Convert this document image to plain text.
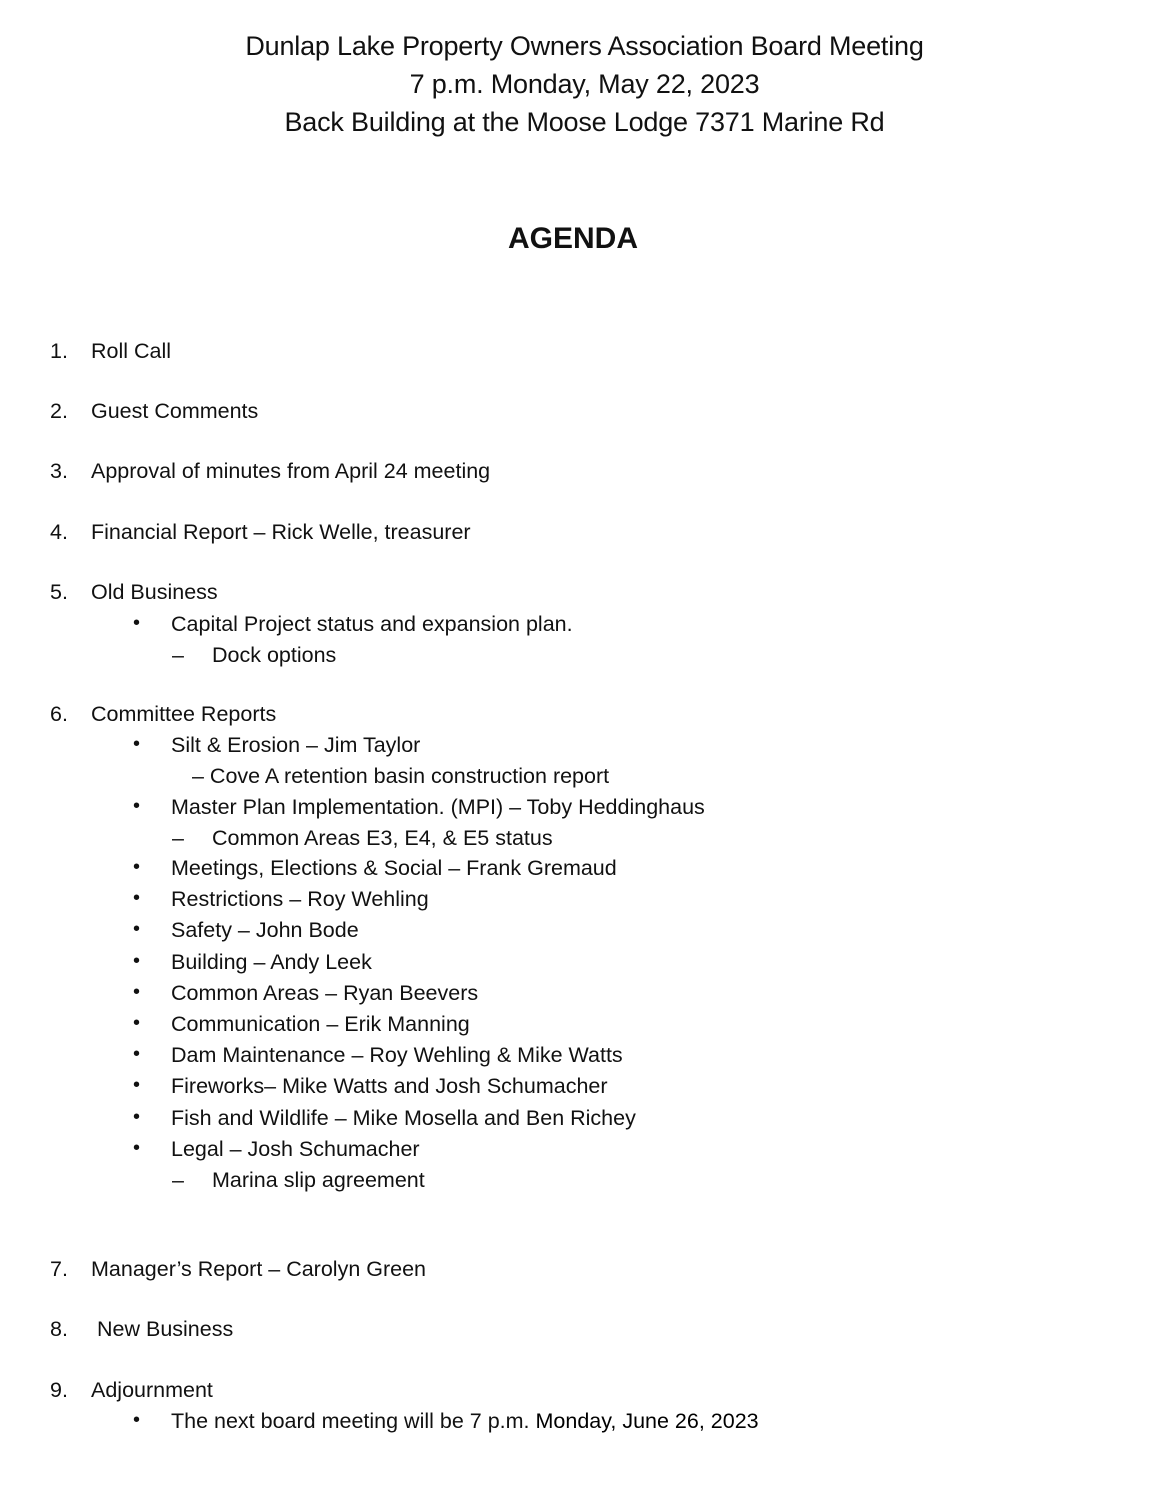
Dunlap Lake Property Owners Association Board Meeting
7 p.m. Monday, May 22, 2023
Back Building at the Moose Lodge 7371 Marine Rd
AGENDA
1. Roll Call
2. Guest Comments
3. Approval of minutes from April 24 meeting
4. Financial Report – Rick Welle, treasurer
5. Old Business
• Capital Project status and expansion plan.
– Dock options
6. Committee Reports
• Silt & Erosion – Jim Taylor
– Cove A retention basin construction report
• Master Plan Implementation. (MPI) – Toby Heddinghaus
– Common Areas E3, E4, & E5 status
• Meetings, Elections & Social – Frank Gremaud
• Restrictions – Roy Wehling
• Safety – John Bode
• Building – Andy Leek
• Common Areas – Ryan Beevers
• Communication – Erik Manning
• Dam Maintenance – Roy Wehling & Mike Watts
• Fireworks– Mike Watts and Josh Schumacher
• Fish and Wildlife – Mike Mosella and Ben Richey
• Legal – Josh Schumacher
– Marina slip agreement
7. Manager’s Report – Carolyn Green
8. New Business
9. Adjournment
• The next board meeting will be 7 p.m. Monday, June 26, 2023
